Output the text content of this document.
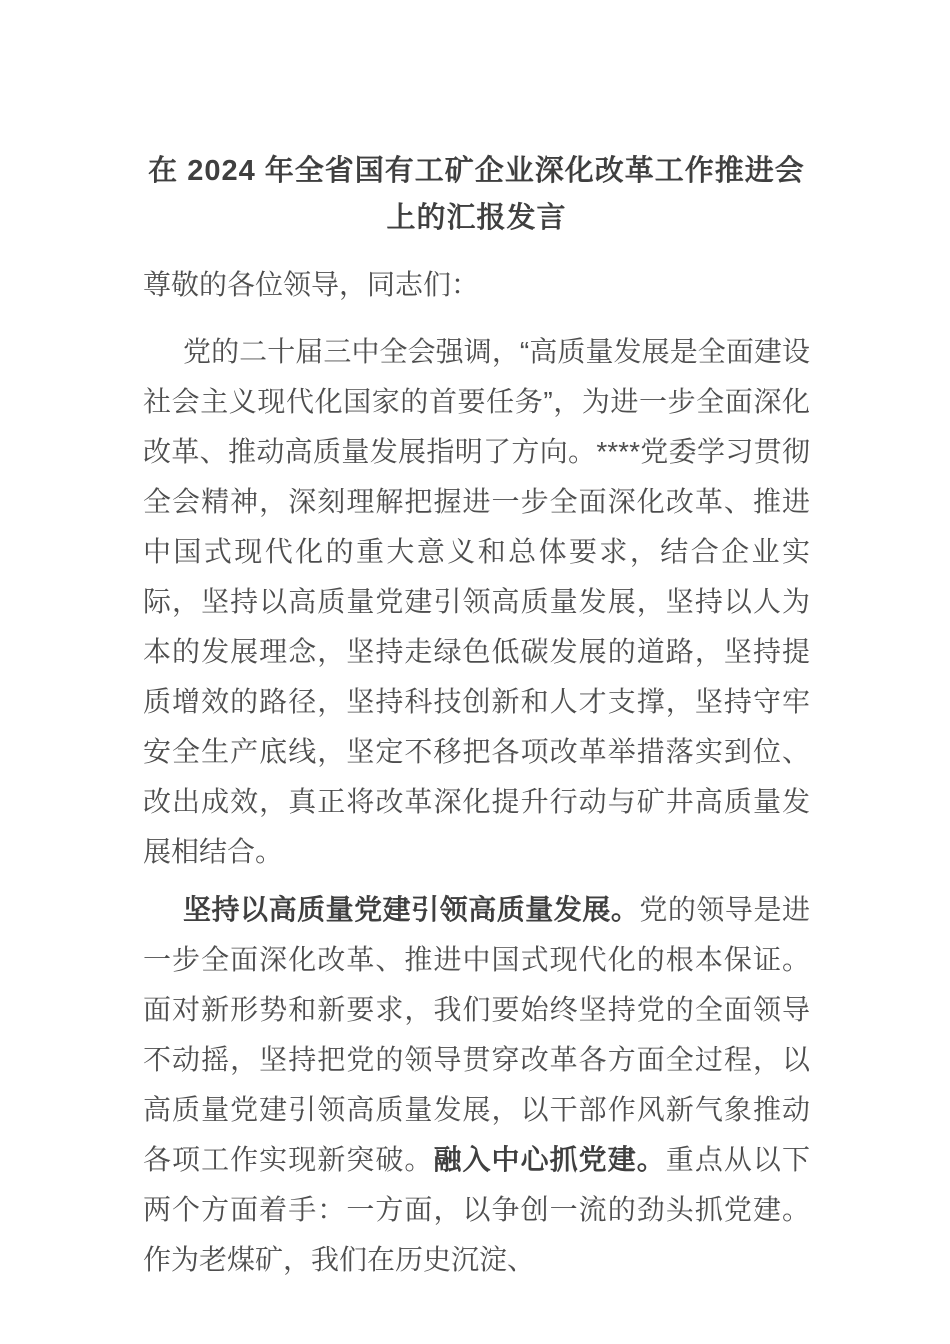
在 2024 年全省国有工矿企业深化改革工作推进会上的汇报发言

尊敬的各位领导，同志们：

党的二十届三中全会强调，“高质量发展是全面建设社会主义现代化国家的首要任务”，为进一步全面深化改革、推动高质量发展指明了方向。****党委学习贯彻全会精神，深刻理解把握进一步全面深化改革、推进中国式现代化的重大意义和总体要求，结合企业实际，坚持以高质量党建引领高质量发展，坚持以人为本的发展理念，坚持走绿色低碳发展的道路，坚持提质增效的路径，坚持科技创新和人才支撑，坚持守牢安全生产底线，坚定不移把各项改革举措落实到位、改出成效，真正将改革深化提升行动与矿井高质量发展相结合。

坚持以高质量党建引领高质量发展。党的领导是进一步全面深化改革、推进中国式现代化的根本保证。面对新形势和新要求，我们要始终坚持党的全面领导不动摇，坚持把党的领导贯穿改革各方面全过程，以高质量党建引领高质量发展，以干部作风新气象推动各项工作实现新突破。融入中心抓党建。重点从以下两个方面着手：一方面，以争创一流的劲头抓党建。作为老煤矿，我们在历史沉淀、
